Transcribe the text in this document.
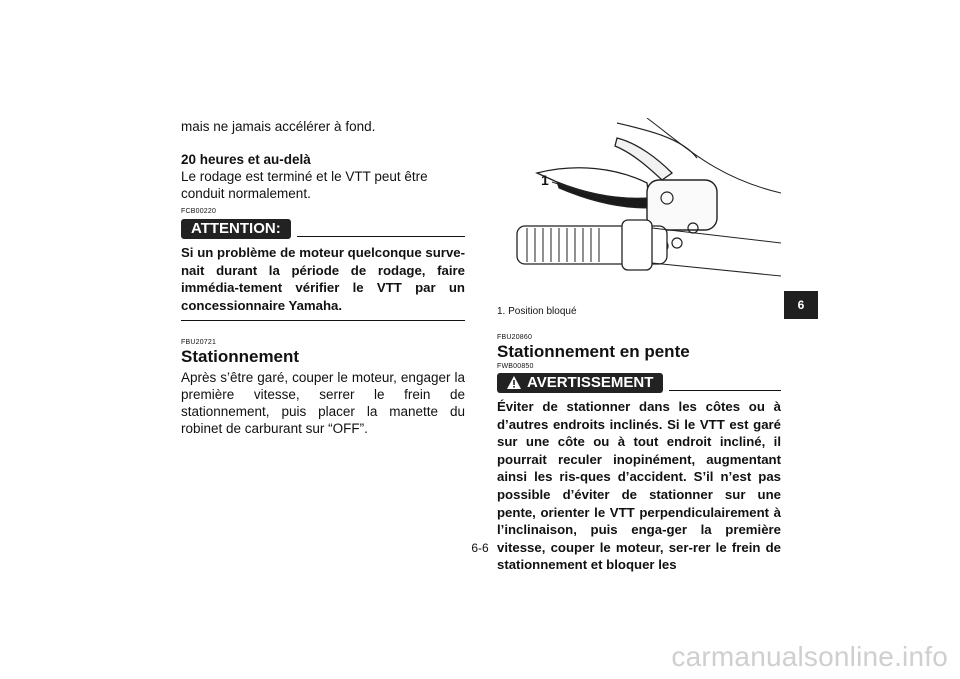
mais ne jamais accélérer à fond.

20 heures et au-delà

Le rodage est terminé et le VTT peut être conduit normalement.

FCB00220
ATTENTION:

Si un problème de moteur quelconque surve-nait durant la période de rodage, faire immédia-tement vérifier le VTT par un concessionnaire Yamaha.

FBU20721
Stationnement

Après s’être garé, couper le moteur, engager la première vitesse, serrer le frein de stationnement, puis placer la manette du robinet de carburant sur “OFF”.

1
1. Position bloqué
FBU20860
Stationnement en pente
FWB00850
AVERTISSEMENT

Éviter de stationner dans les côtes ou à d’autres endroits inclinés. Si le VTT est garé sur une côte ou à tout endroit incliné, il pourrait reculer inopinément, augmentant ainsi les ris-ques d’accident. S’il n’est pas possible d’éviter de stationner sur une pente, orienter le VTT perpendiculairement à l’inclinaison, puis enga-ger la première vitesse, couper le moteur, ser-rer le frein de stationnement et bloquer les

6
6-6
carmanualsonline.info
